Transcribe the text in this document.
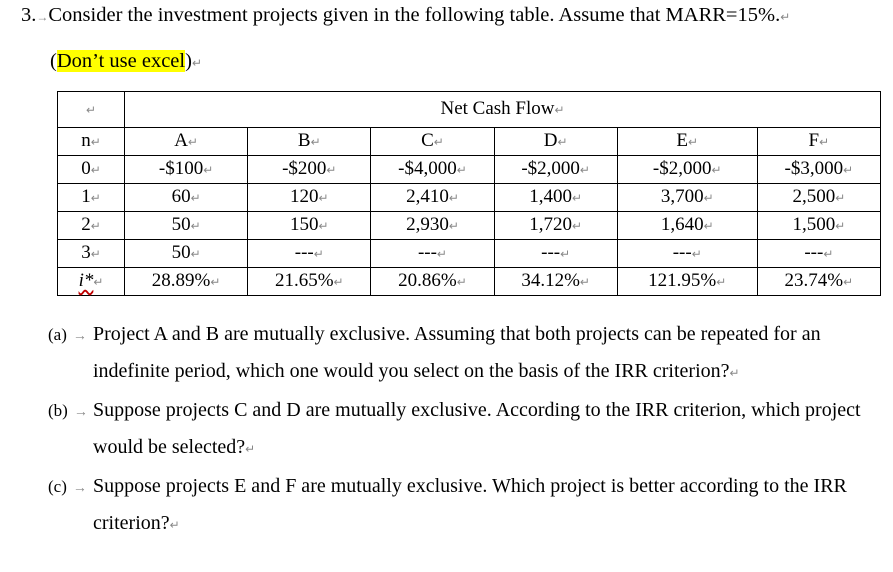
3.→Consider the investment projects given in the following table. Assume that MARR=15%.↵
(Don’t use excel)↵
↵	Net Cash Flow↵					
n↵	A↵	B↵	C↵	D↵	E↵	F↵
0↵	-$100↵	-$200↵	-$4,000↵	-$2,000↵	-$2,000↵	-$3,000↵
1↵	60↵	120↵	2,410↵	1,400↵	3,700↵	2,500↵
2↵	50↵	150↵	2,930↵	1,720↵	1,640↵	1,500↵
3↵	50↵	---↵	---↵	---↵	---↵	---↵
i*↵	28.89%↵	21.65%↵	20.86%↵	34.12%↵	121.95%↵	23.74%↵
(a) → Project A and B are mutually exclusive. Assuming that both projects can be repeated for an indefinite period, which one would you select on the basis of the IRR criterion?↵
(b) → Suppose projects C and D are mutually exclusive. According to the IRR criterion, which project would be selected?↵
(c) → Suppose projects E and F are mutually exclusive. Which project is better according to the IRR criterion?↵
